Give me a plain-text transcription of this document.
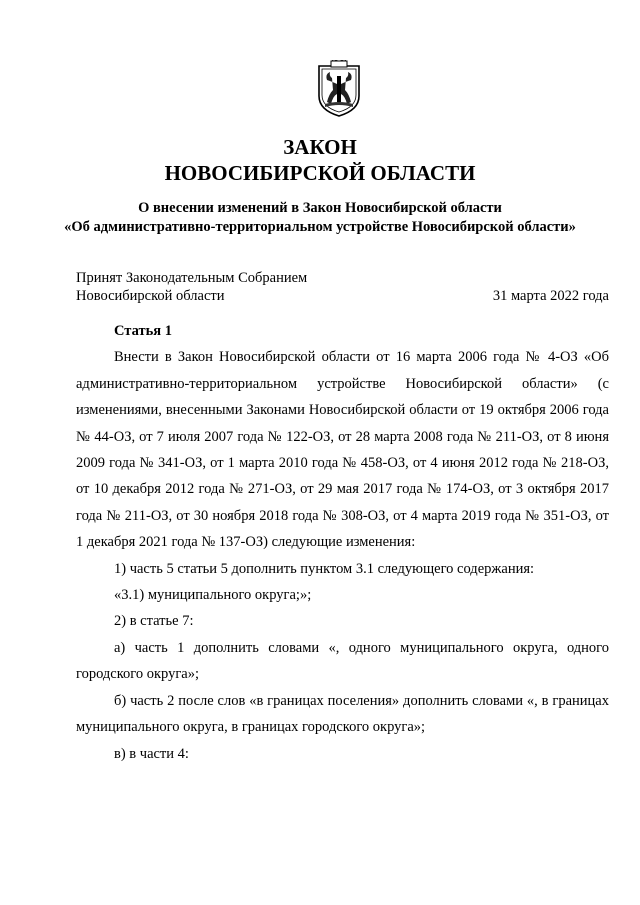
ЗАКОН
НОВОСИБИРСКОЙ ОБЛАСТИ
О внесении изменений в Закон Новосибирской области
«Об административно-территориальном устройстве Новосибирской области»
Принят Законодательным Собранием
Новосибирской области	31 марта 2022 года

Статья 1

Внести в Закон Новосибирской области от 16 марта 2006 года № 4-ОЗ «Об административно-территориальном устройстве Новосибирской области» (с изменениями, внесенными Законами Новосибирской области от 19 октября 2006 года № 44-ОЗ, от 7 июля 2007 года № 122-ОЗ, от 28 марта 2008 года № 211-ОЗ, от 8 июня 2009 года № 341-ОЗ, от 1 марта 2010 года № 458-ОЗ, от 4 июня 2012 года № 218-ОЗ, от 10 декабря 2012 года № 271-ОЗ, от 29 мая 2017 года № 174-ОЗ, от 3 октября 2017 года № 211-ОЗ, от 30 ноября 2018 года № 308-ОЗ, от 4 марта 2019 года № 351-ОЗ, от 1 декабря 2021 года № 137-ОЗ) следующие изменения:

1) часть 5 статьи 5 дополнить пунктом 3.1 следующего содержания:

«3.1) муниципального округа;»;

2) в статье 7:

а) часть 1 дополнить словами «, одного муниципального округа, одного городского округа»;

б) часть 2 после слов «в границах поселения» дополнить словами «, в границах муниципального округа, в границах городского округа»;

в) в части 4:
